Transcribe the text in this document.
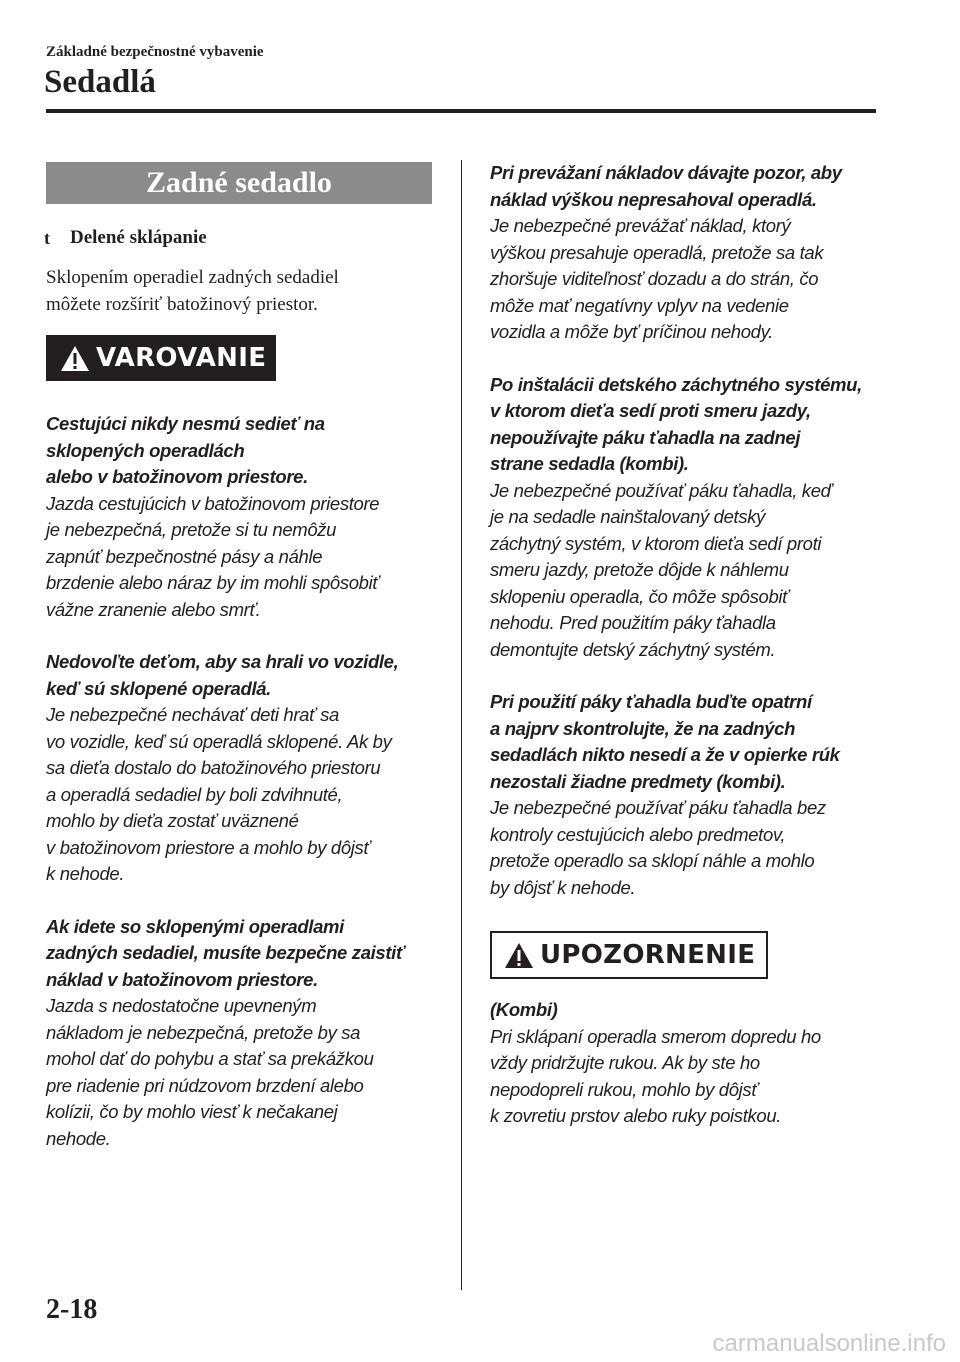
Základné bezpečnostné vybavenie
Sedadlá
Zadné sedadlo
t	Delené sklápanie
Sklopením operadiel zadných sedadiel
môžete rozšíriť batožinový priestor.
VAROVANIE
Cestujúci nikdy nesmú sedieť na
sklopených operadlách
alebo v batožinovom priestore.
Jazda cestujúcich v batožinovom priestore
je nebezpečná, pretože si tu nemôžu
zapnúť bezpečnostné pásy a náhle
brzdenie alebo náraz by im mohli spôsobiť
vážne zranenie alebo smrť.
Nedovoľte deťom, aby sa hrali vo vozidle,
keď sú sklopené operadlá.
Je nebezpečné nechávať deti hrať sa
vo vozidle, keď sú operadlá sklopené. Ak by
sa dieťa dostalo do batožinového priestoru
a operadlá sedadiel by boli zdvihnuté,
mohlo by dieťa zostať uväznené
v batožinovom priestore a mohlo by dôjsť
k nehode.
Ak idete so sklopenými operadlami
zadných sedadiel, musíte bezpečne zaistiť
náklad v batožinovom priestore.
Jazda s nedostatočne upevneným
nákladom je nebezpečná, pretože by sa
mohol dať do pohybu a stať sa prekážkou
pre riadenie pri núdzovom brzdení alebo
kolízii, čo by mohlo viesť k nečakanej
nehode.
Pri prevážaní nákladov dávajte pozor, aby
náklad výškou nepresahoval operadlá.
Je nebezpečné prevážať náklad, ktorý
výškou presahuje operadlá, pretože sa tak
zhoršuje viditeľnosť dozadu a do strán, čo
môže mať negatívny vplyv na vedenie
vozidla a môže byť príčinou nehody.
Po inštalácii detského záchytného systému,
v ktorom dieťa sedí proti smeru jazdy,
nepoužívajte páku ťahadla na zadnej
strane sedadla (kombi).
Je nebezpečné používať páku ťahadla, keď
je na sedadle nainštalovaný detský
záchytný systém, v ktorom dieťa sedí proti
smeru jazdy, pretože dôjde k náhlemu
sklopeniu operadla, čo môže spôsobiť
nehodu. Pred použitím páky ťahadla
demontujte detský záchytný systém.
Pri použití páky ťahadla buďte opatrní
a najprv skontrolujte, že na zadných
sedadlách nikto nesedí a že v opierke rúk
nezostali žiadne predmety (kombi).
Je nebezpečné používať páku ťahadla bez
kontroly cestujúcich alebo predmetov,
pretože operadlo sa sklopí náhle a mohlo
by dôjsť k nehode.
UPOZORNENIE
(Kombi)
Pri sklápaní operadla smerom dopredu ho
vždy pridržujte rukou. Ak by ste ho
nepodopreli rukou, mohlo by dôjsť
k zovretiu prstov alebo ruky poistkou.
2-18
carmanualsonline.info
